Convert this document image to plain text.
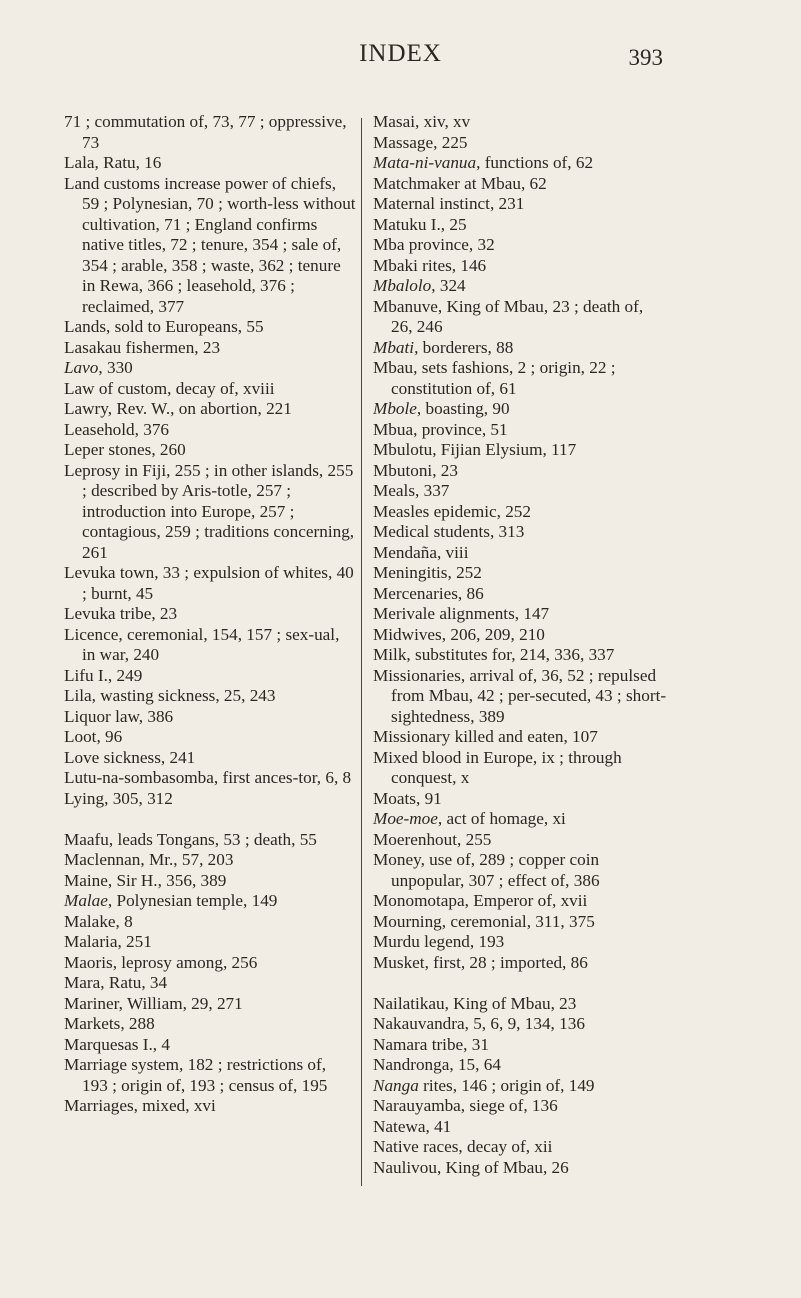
INDEX	393
71 ; commutation of, 73, 77 ; oppressive, 73
Lala, Ratu, 16
Land customs increase power of chiefs, 59 ; Polynesian, 70 ; worth-less without cultivation, 71 ; England confirms native titles, 72 ; tenure, 354 ; sale of, 354 ; arable, 358 ; waste, 362 ; tenure in Rewa, 366 ; leasehold, 376 ; reclaimed, 377
Lands, sold to Europeans, 55
Lasakau fishermen, 23
Lavo, 330
Law of custom, decay of, xviii
Lawry, Rev. W., on abortion, 221
Leasehold, 376
Leper stones, 260
Leprosy in Fiji, 255 ; in other islands, 255 ; described by Aris-totle, 257 ; introduction into Europe, 257 ; contagious, 259 ; traditions concerning, 261
Levuka town, 33 ; expulsion of whites, 40 ; burnt, 45
Levuka tribe, 23
Licence, ceremonial, 154, 157 ; sex-ual, in war, 240
Lifu I., 249
Lila, wasting sickness, 25, 243
Liquor law, 386
Loot, 96
Love sickness, 241
Lutu-na-sombasomba, first ances-tor, 6, 8
Lying, 305, 312
Maafu, leads Tongans, 53 ; death, 55
Maclennan, Mr., 57, 203
Maine, Sir H., 356, 389
Malae, Polynesian temple, 149
Malake, 8
Malaria, 251
Maoris, leprosy among, 256
Mara, Ratu, 34
Mariner, William, 29, 271
Markets, 288
Marquesas I., 4
Marriage system, 182 ; restrictions of, 193 ; origin of, 193 ; census of, 195
Marriages, mixed, xvi
Masai, xiv, xv
Massage, 225
Mata-ni-vanua, functions of, 62
Matchmaker at Mbau, 62
Maternal instinct, 231
Matuku I., 25
Mba province, 32
Mbaki rites, 146
Mbalolo, 324
Mbanuve, King of Mbau, 23 ; death of, 26, 246
Mbati, borderers, 88
Mbau, sets fashions, 2 ; origin, 22 ; constitution of, 61
Mbole, boasting, 90
Mbua, province, 51
Mbulotu, Fijian Elysium, 117
Mbutoni, 23
Meals, 337
Measles epidemic, 252
Medical students, 313
Mendaña, viii
Meningitis, 252
Mercenaries, 86
Merivale alignments, 147
Midwives, 206, 209, 210
Milk, substitutes for, 214, 336, 337
Missionaries, arrival of, 36, 52 ; repulsed from Mbau, 42 ; per-secuted, 43 ; short-sightedness, 389
Missionary killed and eaten, 107
Mixed blood in Europe, ix ; through conquest, x
Moats, 91
Moe-moe, act of homage, xi
Moerenhout, 255
Money, use of, 289 ; copper coin unpopular, 307 ; effect of, 386
Monomotapa, Emperor of, xvii
Mourning, ceremonial, 311, 375
Murdu legend, 193
Musket, first, 28 ; imported, 86
Nailatikau, King of Mbau, 23
Nakauvandra, 5, 6, 9, 134, 136
Namara tribe, 31
Nandronga, 15, 64
Nanga rites, 146 ; origin of, 149
Narauyamba, siege of, 136
Natewa, 41
Native races, decay of, xii
Naulivou, King of Mbau, 26
